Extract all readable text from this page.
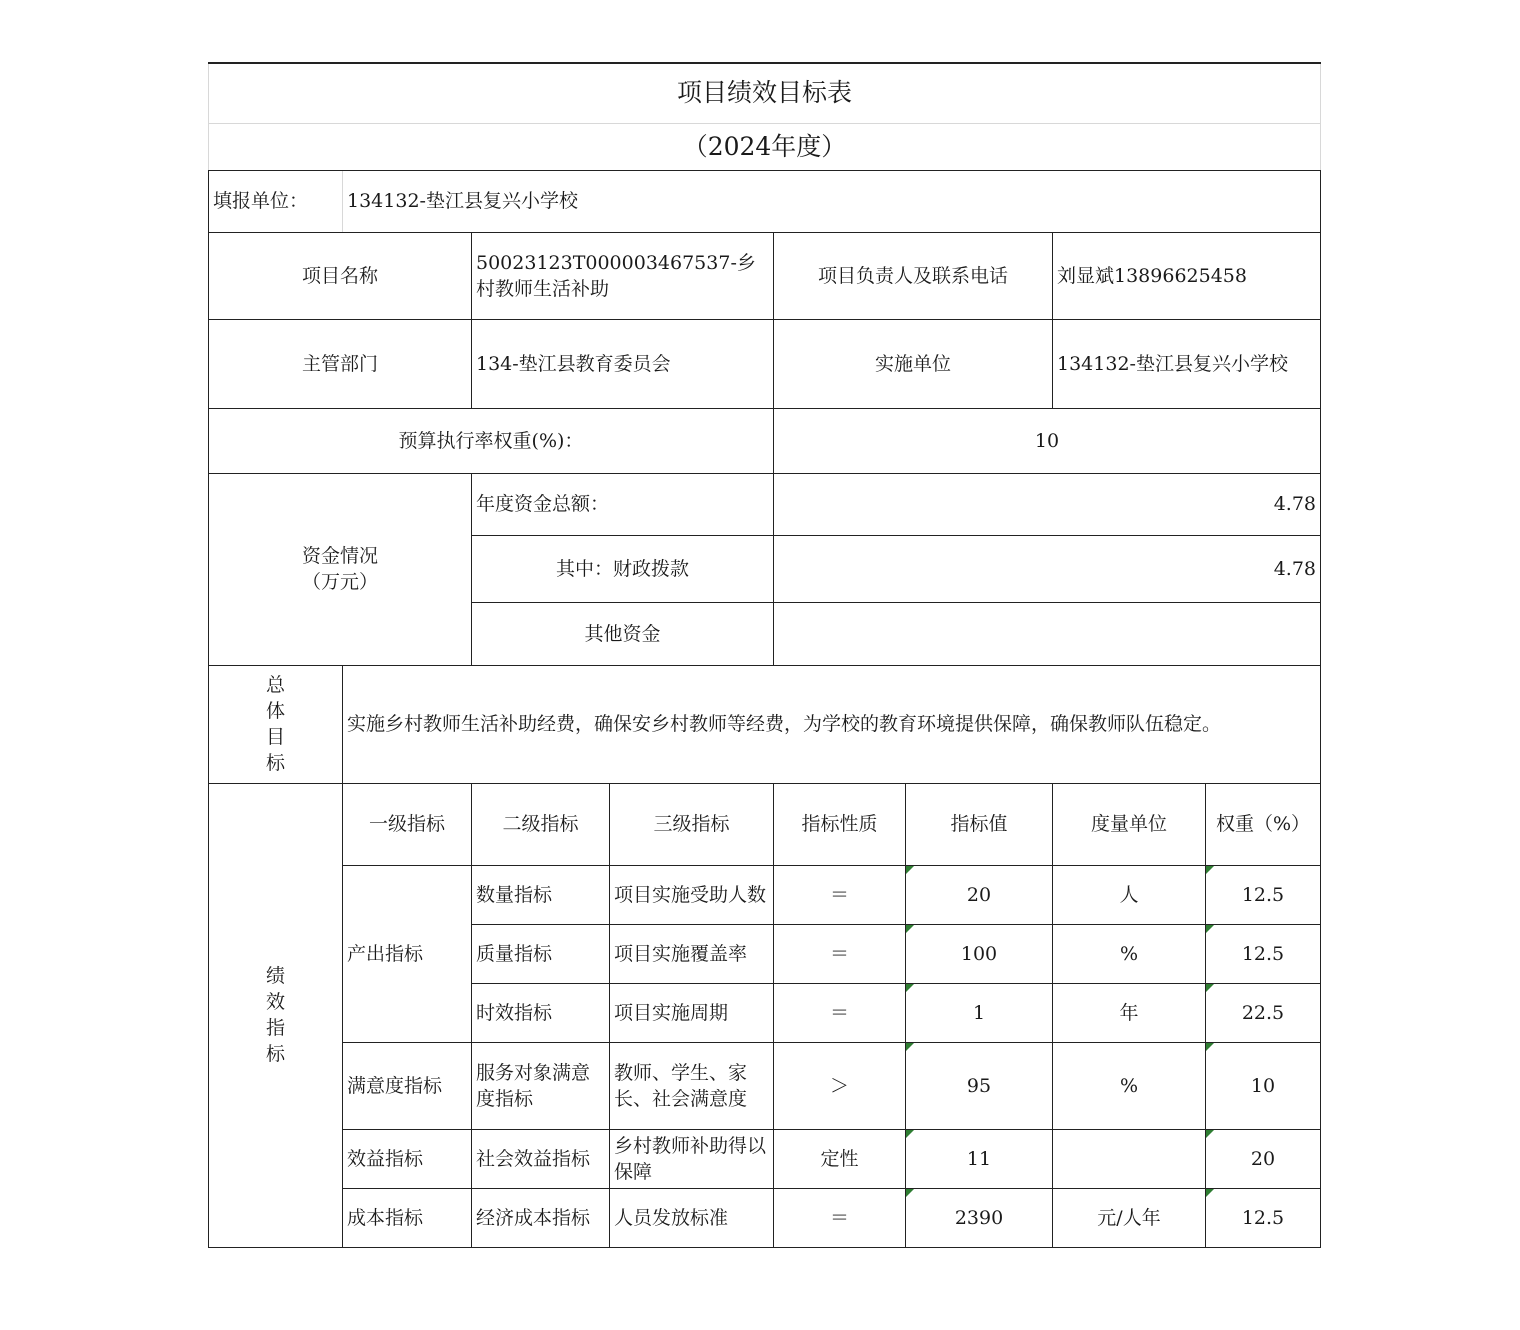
项目绩效目标表							
（2024年度）							
填报单位：	134132-垫江县复兴小学校						
项目名称		50023123T000003467537-乡村教师生活补助		项目负责人及联系电话		刘显斌13896625458	
主管部门		134-垫江县教育委员会		实施单位		134132-垫江县复兴小学校	
预算执行率权重(%)：				10			
资金情况（万元）		年度资金总额：		4.78			
		其中：财政拨款		4.78			
		其他资金					
总体目标	实施乡村教师生活补助经费，确保安乡村教师等经费，为学校的教育环境提供保障，确保教师队伍稳定。						
绩效指标	一级指标	二级指标	三级指标	指标性质	指标值	度量单位	权重（%）
	产出指标	数量指标	项目实施受助人数	＝	20	人	12.5
		质量指标	项目实施覆盖率	＝	100	%	12.5
		时效指标	项目实施周期	＝	1	年	22.5
	满意度指标	服务对象满意度指标	教师、学生、家长、社会满意度	＞	95	%	10
	效益指标	社会效益指标	乡村教师补助得以保障	定性	11		20
	成本指标	经济成本指标	人员发放标准	＝	2390	元/人年	12.5
